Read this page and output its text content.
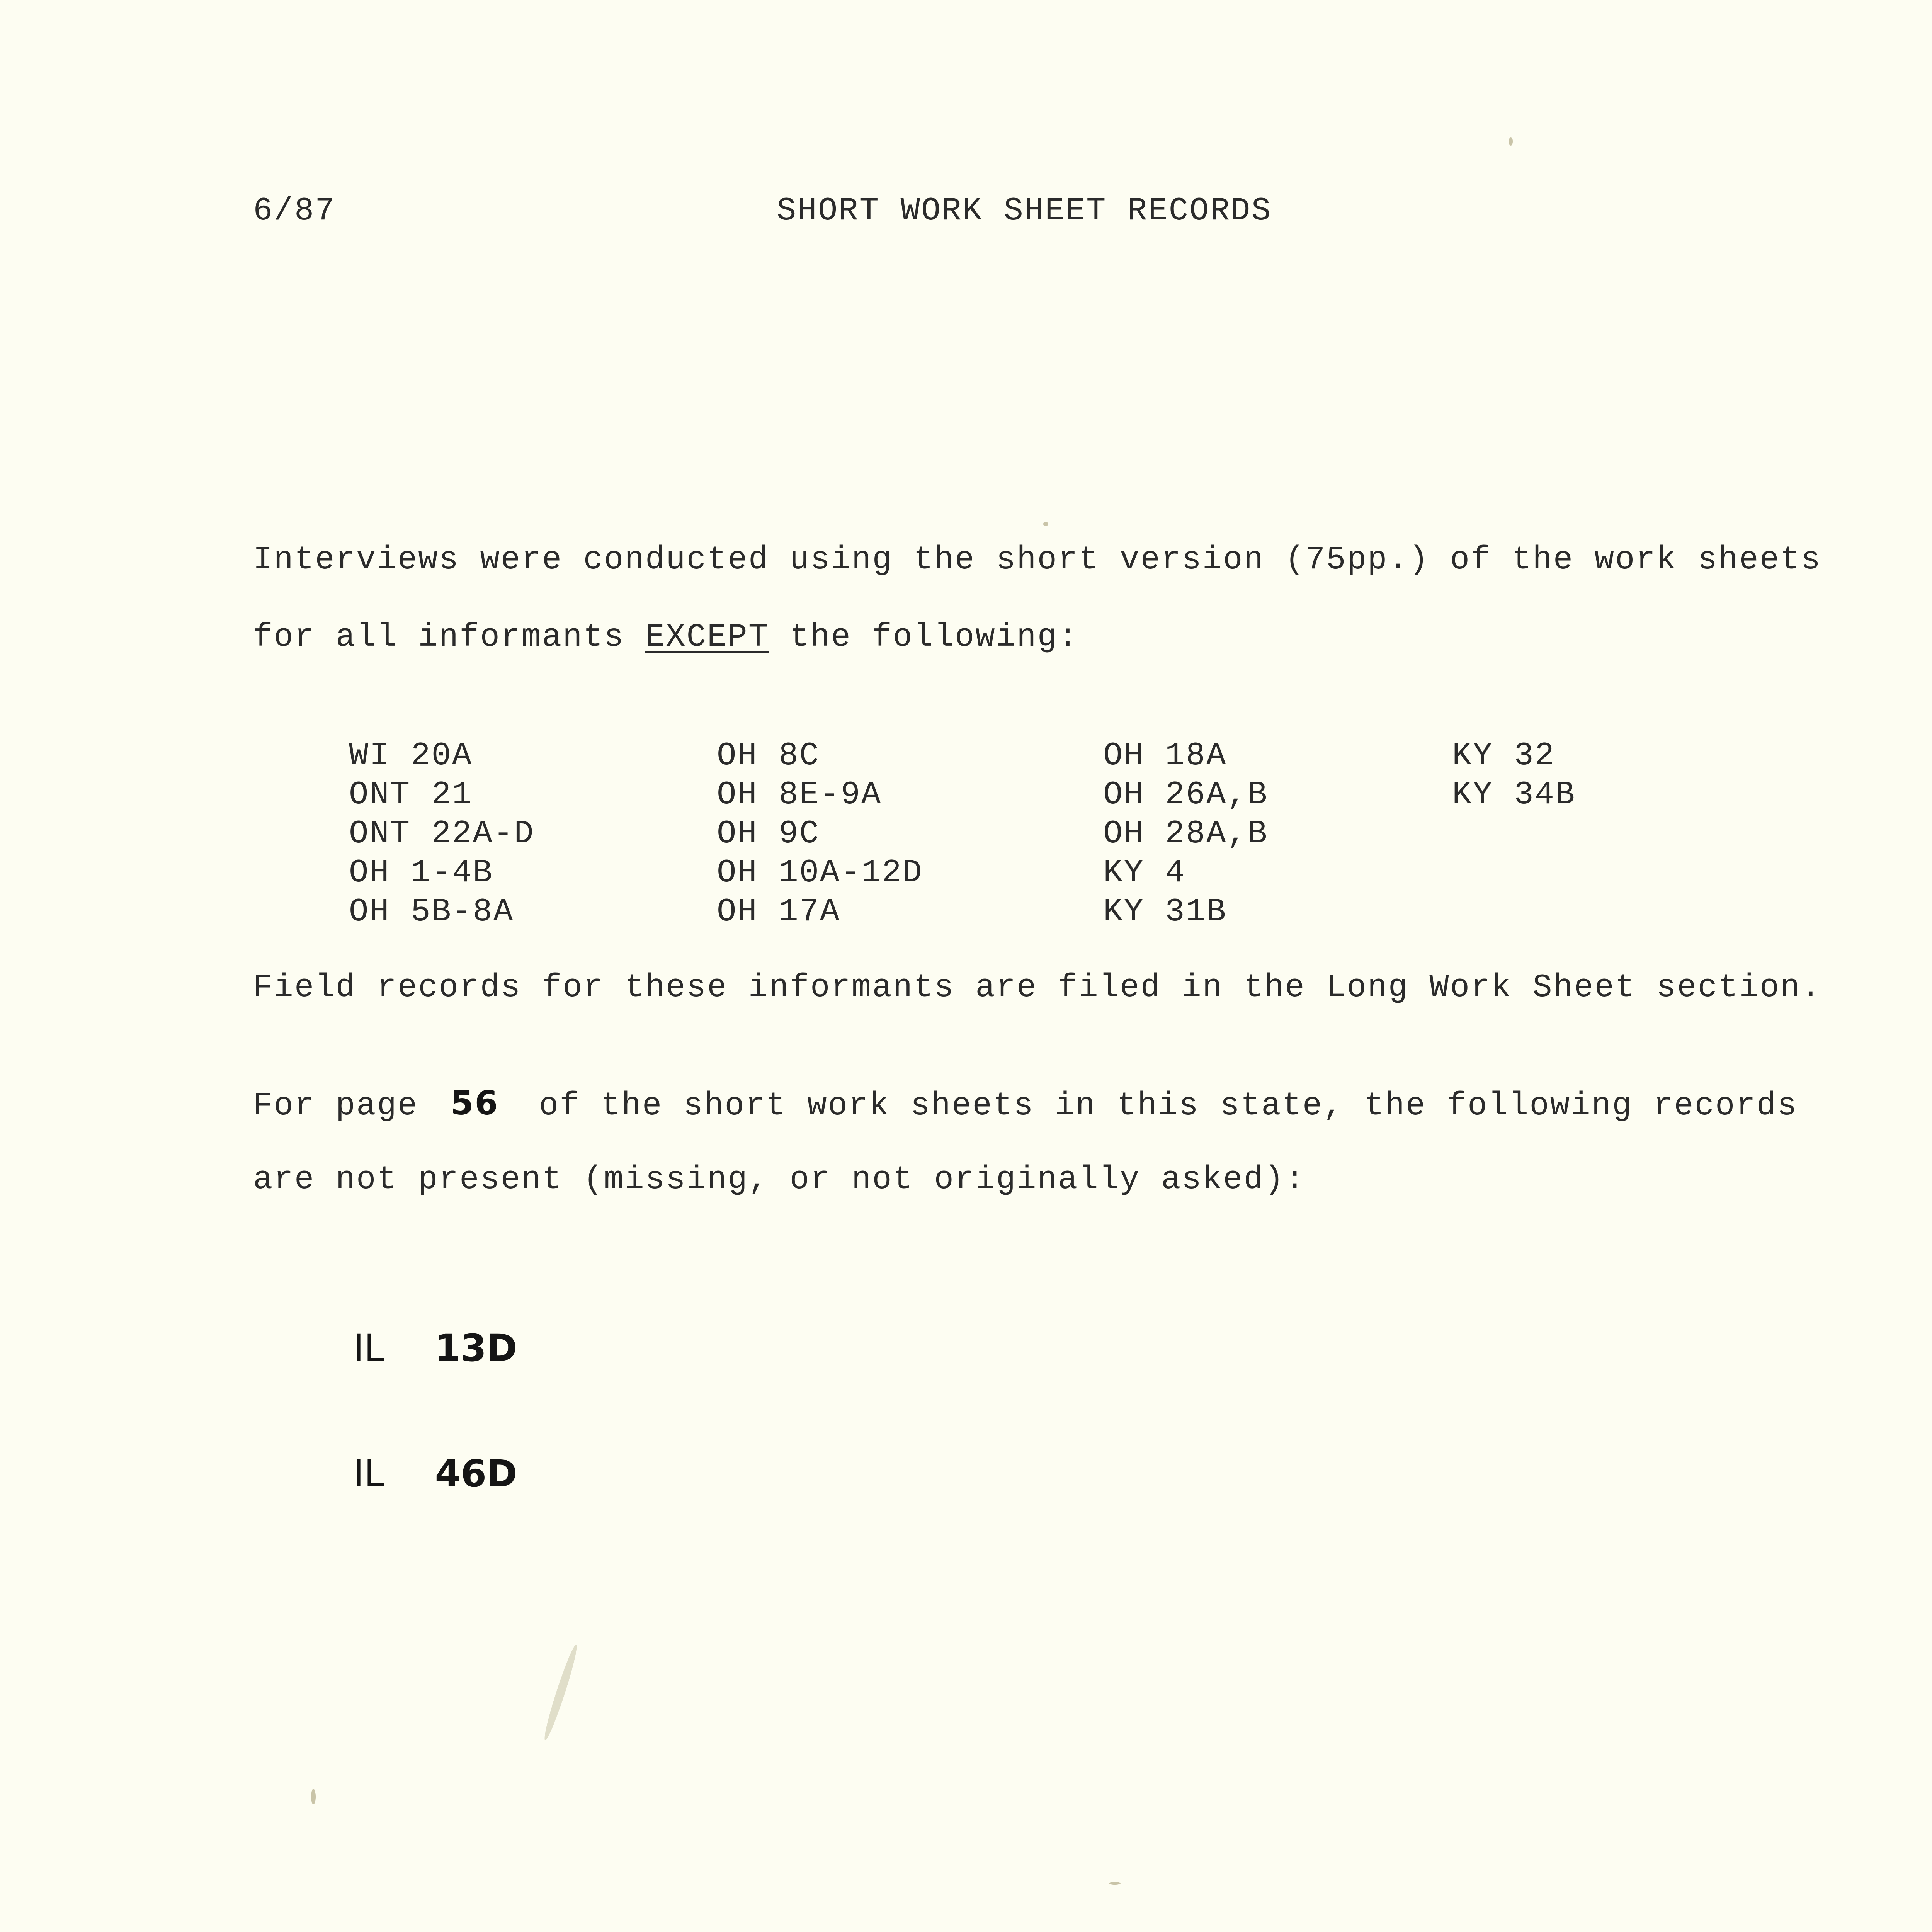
6/87	SHORT WORK SHEET RECORDS
Interviews were conducted using the short version (75pp.) of the work sheets
for all informants EXCEPT the following:
WI 20A
ONT 21
ONT 22A-D
OH 1-4B
OH 5B-8A
OH 8C
OH 8E-9A
OH 9C
OH 10A-12D
OH 17A
OH 18A
OH 26A,B
OH 28A,B
KY 4
KY 31B
KY 32
KY 34B
Field records for these informants are filed in the Long Work Sheet section.
For page 56 of the short work sheets in this state, the following records
are not present (missing, or not originally asked):

IL 13D

IL 46D
